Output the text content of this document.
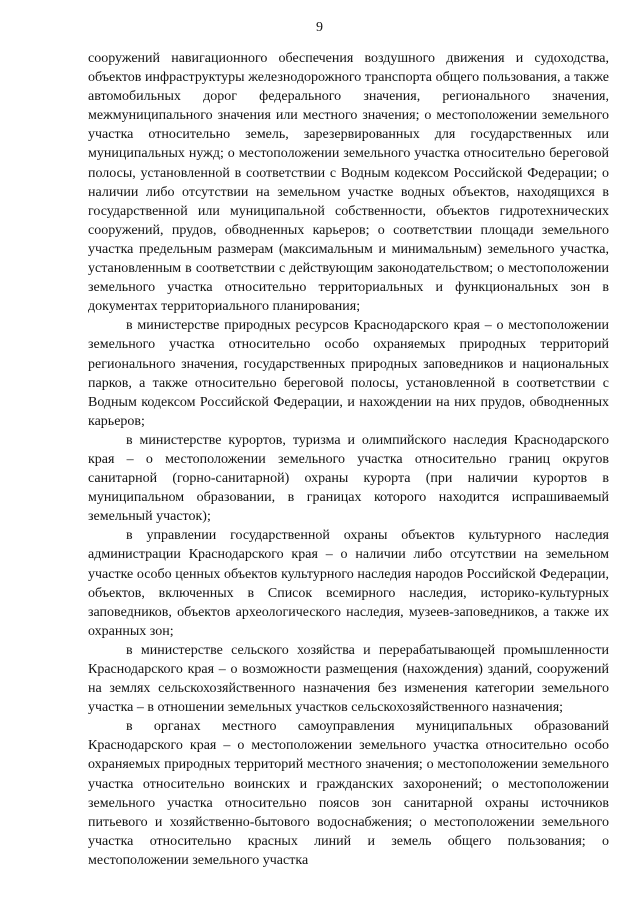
9

сооружений навигационного обеспечения воздушного движения и судоходства, объектов инфраструктуры железнодорожного транспорта общего пользования, а также автомобильных дорог федерального значения, регионального значения, межмуниципального значения или местного значения; о местоположении земельного участка относительно земель, зарезервированных для государственных или муниципальных нужд; о местоположении земельного участка относительно береговой полосы, установленной в соответствии с Водным кодексом Российской Федерации; о наличии либо отсутствии на земельном участке водных объектов, находящихся в государственной или муниципальной собственности, объектов гидротехнических сооружений, прудов, обводненных карьеров; о соответствии площади земельного участка предельным размерам (максимальным и минимальным) земельного участка, установленным в соответствии с действующим законодательством; о местоположении земельного участка относительно территориальных и функциональных зон в документах территориального планирования;

в министерстве природных ресурсов Краснодарского края – о местоположении земельного участка относительно особо охраняемых природных территорий регионального значения, государственных природных заповедников и национальных парков, а также относительно береговой полосы, установленной в соответствии с Водным кодексом Российской Федерации, и нахождении на них прудов, обводненных карьеров;

в министерстве курортов, туризма и олимпийского наследия Краснодарского края – о местоположении земельного участка относительно границ округов санитарной (горно-санитарной) охраны курорта (при наличии курортов в муниципальном образовании, в границах которого находится испрашиваемый земельный участок);

в управлении государственной охраны объектов культурного наследия администрации Краснодарского края – о наличии либо отсутствии на земельном участке особо ценных объектов культурного наследия народов Российской Федерации, объектов, включенных в Список всемирного наследия, историко-культурных заповедников, объектов археологического наследия, музеев-заповедников, а также их охранных зон;

в министерстве сельского хозяйства и перерабатывающей промышленности Краснодарского края – о возможности размещения (нахождения) зданий, сооружений на землях сельскохозяйственного назначения без изменения категории земельного участка – в отношении земельных участков сельскохозяйственного назначения;

в органах местного самоуправления муниципальных образований Краснодарского края – о местоположении земельного участка относительно особо охраняемых природных территорий местного значения; о местоположении земельного участка относительно воинских и гражданских захоронений; о местоположении земельного участка относительно поясов зон санитарной охраны источников питьевого и хозяйственно-бытового водоснабжения; о местоположении земельного участка относительно красных линий и земель общего пользования; о местоположении земельного участка
